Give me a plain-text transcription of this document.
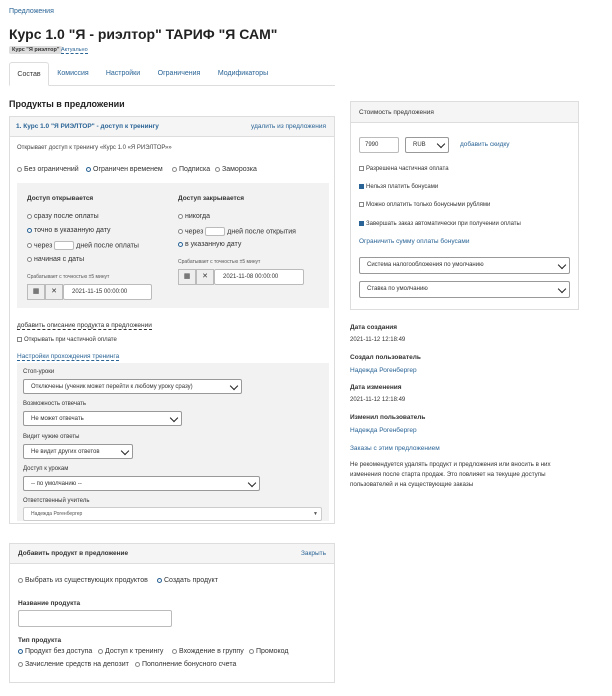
Предложения
Курс 1.0 "Я - риэлтор" ТАРИФ "Я САМ"
Курс "Я риэлтор" Актуально
Состав	Комиссия	Настройки	Ограничения	Модификаторы
Продукты в предложении
1. Курс 1.0 "Я РИЭЛТОР" - доступ к тренингу	удалить из предложения
Открывает доступ к тренингу «Курс 1.0 «Я РИЭЛТОР»»
Без ограничений	Ограничен временем	Подписка	Заморозка
Доступ открывается
сразу после оплаты
точно в указанную дату
через	дней после оплаты
начиная с даты
Срабатывает с точностью ±5 минут
▦	✕	2021-11-15 00:00:00
Доступ закрывается
никогда
через	дней после открытия
в указанную дату
Срабатывает с точностью ±5 минут
▦	✕	2021-11-08 00:00:00
добавить описание продукта в предложении
Открывать при частичной оплате
Настройки прохождения тренинга
Стоп-уроки
Отключены (ученик может перейти к любому уроку сразу)
Возможность отвечать
Не может отвечать
Видит чужие ответы
Не видит других ответов
Доступ к урокам
-- по умолчанию --
Ответственный учитель
Надежда Рогенбергер	▼
Добавить продукт в предложение	Закрыть
Выбрать из существующих продуктов	Создать продукт
Название продукта
Тип продукта
Продукт без доступа	Доступ к тренингу	Вхождение в группу	Промокод
Зачисление средств на депозит	Пополнение бонусного счета
Стоимость предложения
7990	RUB	добавить скидку
Разрешена частичная оплата
Нельзя платить бонусами
Можно оплатить только бонусными рублями
Завершать заказ автоматически при получении оплаты
Ограничить сумму оплаты бонусами
Система налогообложения по умолчанию
Ставка по умолчанию
Дата создания
2021-11-12 12:18:49
Создал пользователь
Надежда Рогенбергер
Дата изменения
2021-11-12 12:18:49
Изменил пользователь
Надежда Рогенбергер
Заказы с этим предложением
Не рекомендуется удалять продукт и предложения или вносить в них изменения после старта продаж. Это повлияет на текущие доступы пользователей и на существующие заказы
